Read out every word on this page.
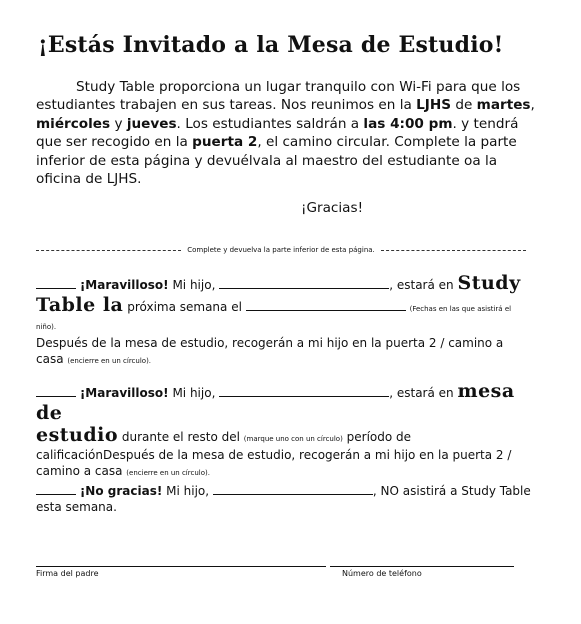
¡Estás Invitado a la Mesa de Estudio!

Study Table proporciona un lugar tranquilo con Wi-Fi para que los estudiantes trabajen en sus tareas. Nos reunimos en la LJHS de martes, miércoles y jueves. Los estudiantes saldrán a las 4:00 pm. y tendrá que ser recogido en la puerta 2, el camino circular. Complete la parte inferior de esta página y devuélvala al maestro del estudiante oa la oficina de LJHS.

¡Gracias!

Complete y devuelva la parte inferior de esta página.
¡Maravilloso! Mi hijo,	, estará en Study Table la próxima semana el	(Fechas en las que asistirá el niño).
Después de la mesa de estudio, recogerán a mi hijo en la puerta 2 / camino a casa (encierre en un círculo).
¡Maravilloso! Mi hijo,	, estará en mesa de
estudio durante el resto del (marque uno con un círculo) período de calificaciónDespués de la mesa de estudio, recogerán a mi hijo en la puerta 2 / camino a casa (encierre en un círculo).
¡No gracias! Mi hijo,	, NO asistirá a Study Table esta semana.
Firma del padre	Número de teléfono
